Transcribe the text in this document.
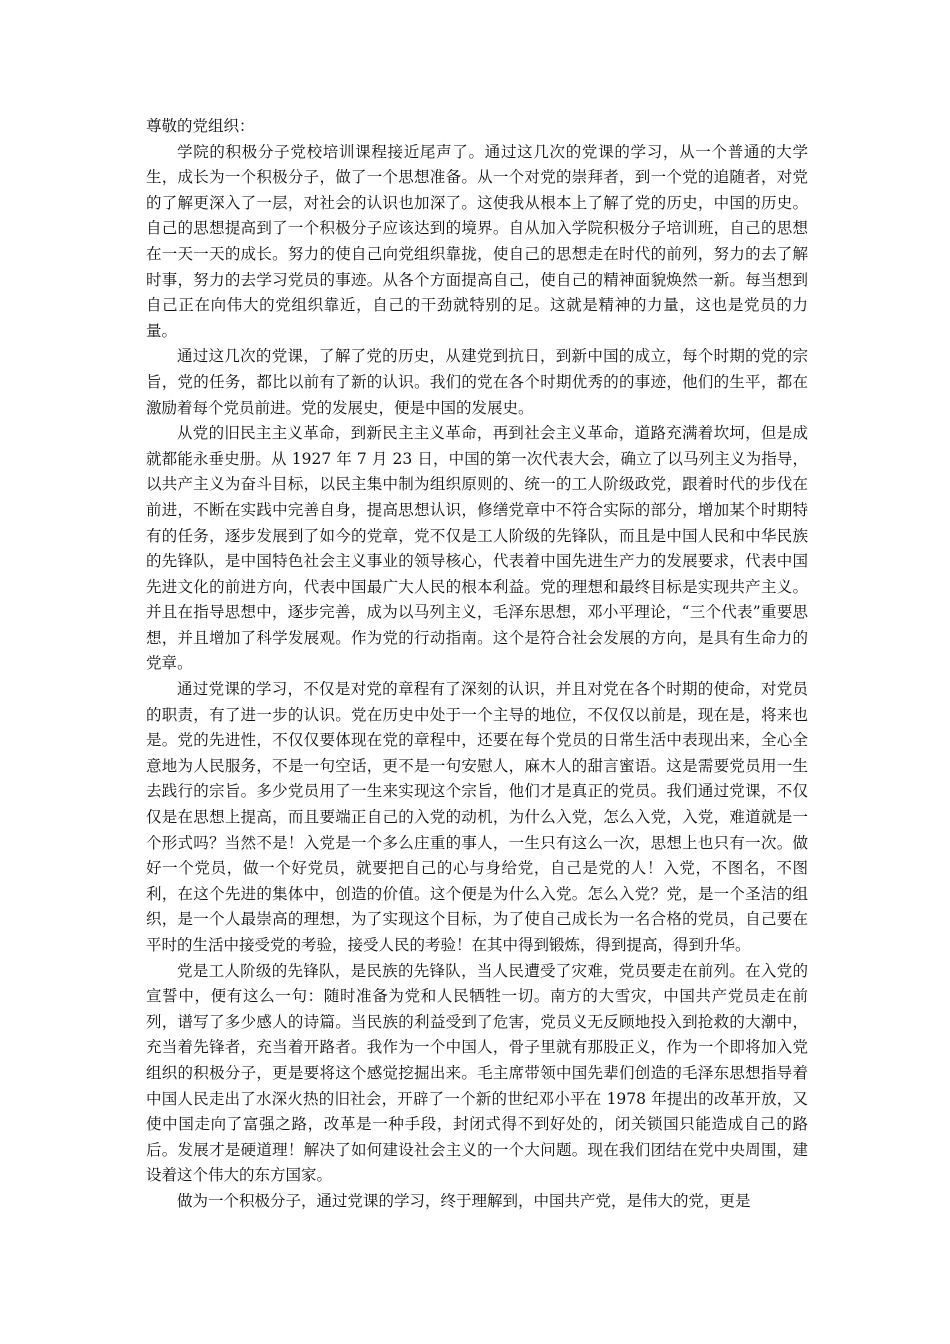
尊敬的党组织：

学院的积极分子党校培训课程接近尾声了。通过这几次的党课的学习，从一个普通的大学生，成长为一个积极分子，做了一个思想准备。从一个对党的崇拜者，到一个党的追随者，对党的了解更深入了一层，对社会的认识也加深了。这使我从根本上了解了党的历史，中国的历史。自己的思想提高到了一个积极分子应该达到的境界。自从加入学院积极分子培训班，自己的思想在一天一天的成长。努力的使自己向党组织靠拢，使自己的思想走在时代的前列，努力的去了解时事，努力的去学习党员的事迹。从各个方面提高自己，使自己的精神面貌焕然一新。每当想到自己正在向伟大的党组织靠近，自己的干劲就特别的足。这就是精神的力量，这也是党员的力量。

通过这几次的党课，了解了党的历史，从建党到抗日，到新中国的成立，每个时期的党的宗旨，党的任务，都比以前有了新的认识。我们的党在各个时期优秀的的事迹，他们的生平，都在激励着每个党员前进。党的发展史，便是中国的发展史。

从党的旧民主主义革命，到新民主主义革命，再到社会主义革命，道路充满着坎坷，但是成就都能永垂史册。从 1927 年 7 月 23 日，中国的第一次代表大会，确立了以马列主义为指导，以共产主义为奋斗目标，以民主集中制为组织原则的、统一的工人阶级政党，跟着时代的步伐在前进，不断在实践中完善自身，提高思想认识，修缮党章中不符合实际的部分，增加某个时期特有的任务，逐步发展到了如今的党章，党不仅是工人阶级的先锋队，而且是中国人民和中华民族的先锋队，是中国特色社会主义事业的领导核心，代表着中国先进生产力的发展要求，代表中国先进文化的前进方向，代表中国最广大人民的根本利益。党的理想和最终目标是实现共产主义。并且在指导思想中，逐步完善，成为以马列主义，毛泽东思想，邓小平理论，“三个代表”重要思想，并且增加了科学发展观。作为党的行动指南。这个是符合社会发展的方向，是具有生命力的党章。

通过党课的学习，不仅是对党的章程有了深刻的认识，并且对党在各个时期的使命，对党员的职责，有了进一步的认识。党在历史中处于一个主导的地位，不仅仅以前是，现在是，将来也是。党的先进性，不仅仅要体现在党的章程中，还要在每个党员的日常生活中表现出来，全心全意地为人民服务，不是一句空话，更不是一句安慰人，麻木人的甜言蜜语。这是需要党员用一生去践行的宗旨。多少党员用了一生来实现这个宗旨，他们才是真正的党员。我们通过党课，不仅仅是在思想上提高，而且要端正自己的入党的动机，为什么入党，怎么入党，入党，难道就是一个形式吗？当然不是！入党是一个多么庄重的事人，一生只有这么一次，思想上也只有一次。做好一个党员，做一个好党员，就要把自己的心与身给党，自己是党的人！入党，不图名，不图利，在这个先进的集体中，创造的价值。这个便是为什么入党。怎么入党？党，是一个圣洁的组织，是一个人最崇高的理想，为了实现这个目标，为了使自己成长为一名合格的党员，自己要在平时的生活中接受党的考验，接受人民的考验！在其中得到锻炼，得到提高，得到升华。

党是工人阶级的先锋队，是民族的先锋队，当人民遭受了灾难，党员要走在前列。在入党的宣誓中，便有这么一句：随时准备为党和人民牺牲一切。南方的大雪灾，中国共产党员走在前列，谱写了多少感人的诗篇。当民族的利益受到了危害，党员义无反顾地投入到抢救的大潮中，充当着先锋者，充当着开路者。我作为一个中国人，骨子里就有那股正义，作为一个即将加入党组织的积极分子，更是要将这个感觉挖掘出来。毛主席带领中国先辈们创造的毛泽东思想指导着中国人民走出了水深火热的旧社会，开辟了一个新的世纪邓小平在 1978 年提出的改革开放，又使中国走向了富强之路，改革是一种手段，封闭式得不到好处的，闭关锁国只能造成自己的路后。发展才是硬道理！解决了如何建设社会主义的一个大问题。现在我们团结在党中央周围，建设着这个伟大的东方国家。

做为一个积极分子，通过党课的学习，终于理解到，中国共产党，是伟大的党，更是
